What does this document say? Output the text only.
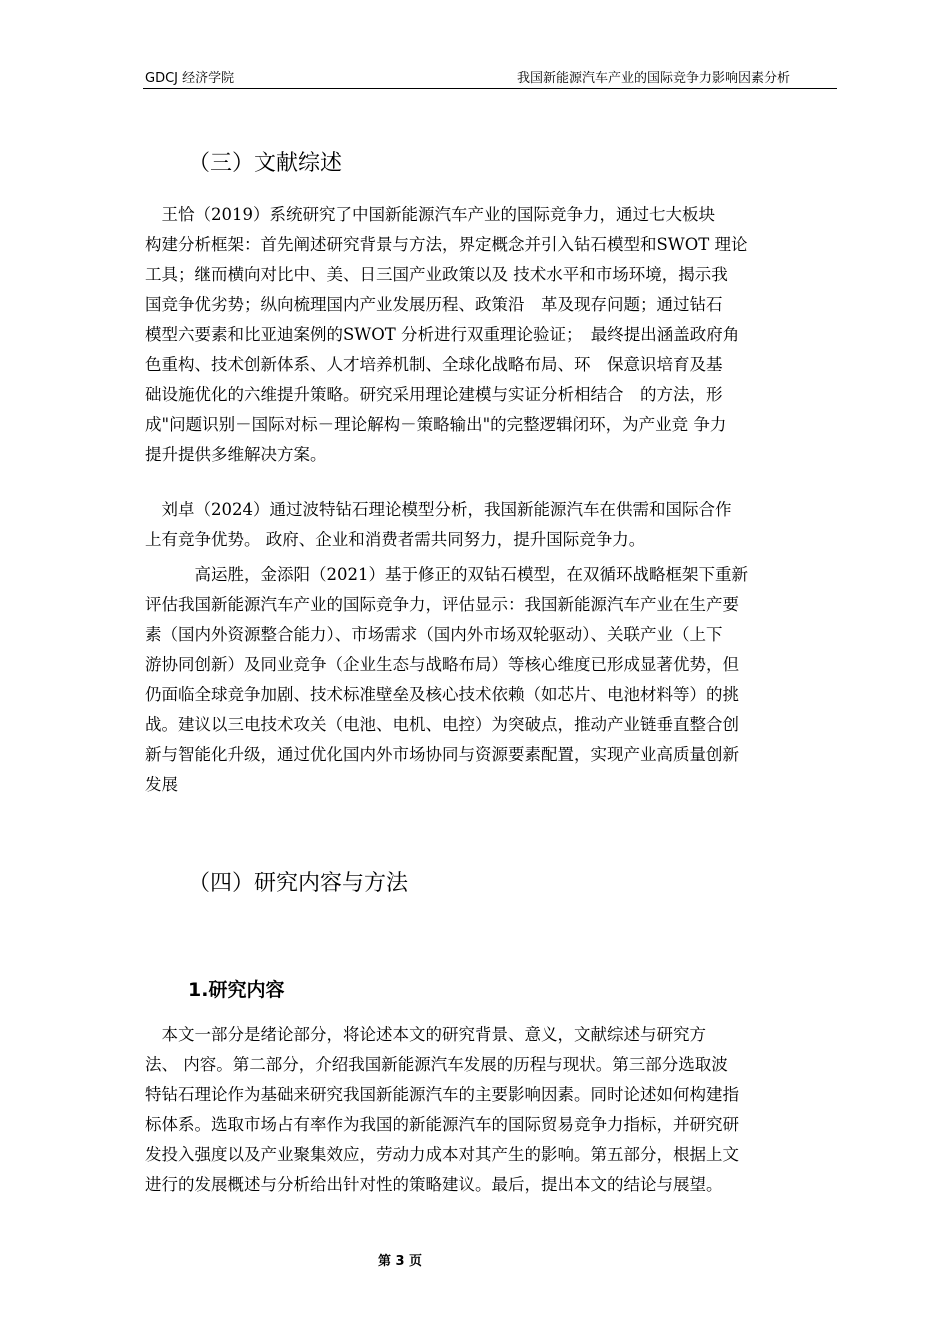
GDCJ 经济学院	我国新能源汽车产业的国际竞争力影响因素分析
（三）文献综述
　王恰（2019）系统研究了中国新能源汽车产业的国际竞争力，通过七大板块
构建分析框架：首先阐述研究背景与方法，界定概念并引入钻石模型和SWOT 理论
工具；继而横向对比中、美、日三国产业政策以及 技术水平和市场环境，揭示我
国竞争优劣势；纵向梳理国内产业发展历程、政策沿　革及现存问题；通过钻石
模型六要素和比亚迪案例的SWOT 分析进行双重理论验证；　最终提出涵盖政府角
色重构、技术创新体系、人才培养机制、全球化战略布局、环　保意识培育及基
础设施优化的六维提升策略。研究采用理论建模与实证分析相结合　的方法，形
成"问题识别－国际对标－理论解构－策略输出"的完整逻辑闭环，为产业竞 争力
提升提供多维解决方案。
　刘卓（2024）通过波特钻石理论模型分析，我国新能源汽车在供需和国际合作
上有竞争优势。 政府、企业和消费者需共同努力，提升国际竞争力。
　　　高运胜，金添阳（2021）基于修正的双钻石模型，在双循环战略框架下重新
评估我国新能源汽车产业的国际竞争力，评估显示：我国新能源汽车产业在生产要
素（国内外资源整合能力）、市场需求（国内外市场双轮驱动）、关联产业（上下
游协同创新）及同业竞争（企业生态与战略布局）等核心维度已形成显著优势，但
仍面临全球竞争加剧、技术标准壁垒及核心技术依赖（如芯片、电池材料等）的挑
战。建议以三电技术攻关（电池、电机、电控）为突破点，推动产业链垂直整合创
新与智能化升级，通过优化国内外市场协同与资源要素配置，实现产业高质量创新
发展
（四）研究内容与方法
1.研究内容
　本文一部分是绪论部分，将论述本文的研究背景、意义，文献综述与研究方
法、 内容。第二部分，介绍我国新能源汽车发展的历程与现状。第三部分选取波
特钻石理论作为基础来研究我国新能源汽车的主要影响因素。同时论述如何构建指
标体系。选取市场占有率作为我国的新能源汽车的国际贸易竞争力指标，并研究研
发投入强度以及产业聚集效应，劳动力成本对其产生的影响。第五部分，根据上文
进行的发展概述与分析给出针对性的策略建议。最后，提出本文的结论与展望。
第 3 页
